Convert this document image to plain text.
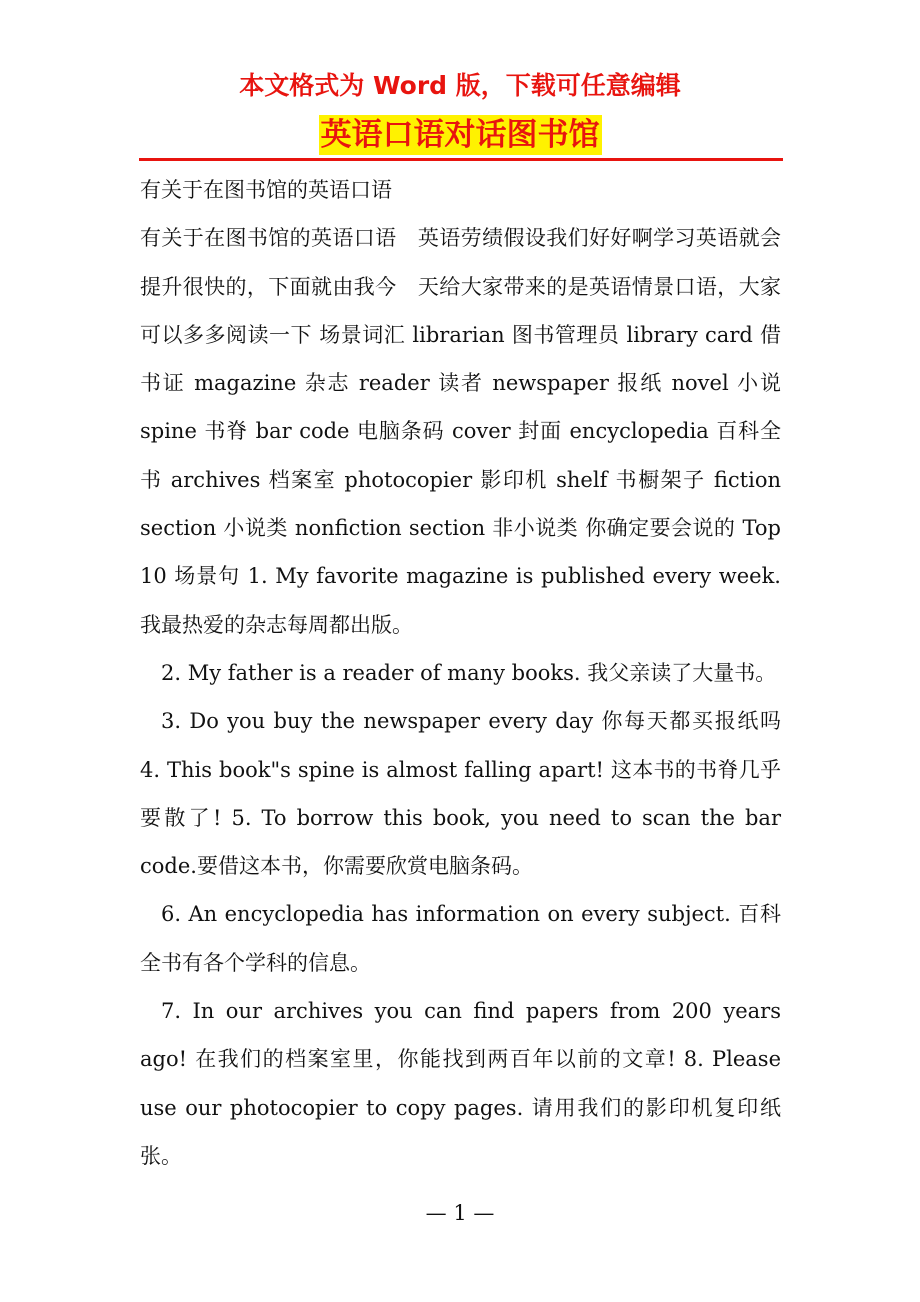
本文格式为 Word 版，下载可任意编辑
英语口语对话图书馆

有关于在图书馆的英语口语

有关于在图书馆的英语口语　英语劳绩假设我们好好啊学习英语就会提升很快的，下面就由我今　天给大家带来的是英语情景口语，大家可以多多阅读一下 场景词汇 librarian 图书管理员 library card 借书证 magazine 杂志 reader 读者 newspaper 报纸 novel 小说 spine 书脊 bar code 电脑条码 cover 封面 encyclopedia 百科全书 archives 档案室 photocopier 影印机 shelf 书橱架子 fiction section 小说类 nonfiction section 非小说类 你确定要会说的 Top 10 场景句 1. My favorite magazine is published every week. 我最热爱的杂志每周都出版。

2. My father is a reader of many books. 我父亲读了大量书。

3. Do you buy the newspaper every day 你每天都买报纸吗 4. This book"s spine is almost falling apart! 这本书的书脊几乎要散了! 5. To borrow this book, you need to scan the bar code.要借这本书，你需要欣赏电脑条码。

6. An encyclopedia has information on every subject. 百科全书有各个学科的信息。

7. In our archives you can find papers from 200 years ago! 在我们的档案室里，你能找到两百年以前的文章! 8. Please use our photocopier to copy pages. 请用我们的影印机复印纸张。

— 1 —
